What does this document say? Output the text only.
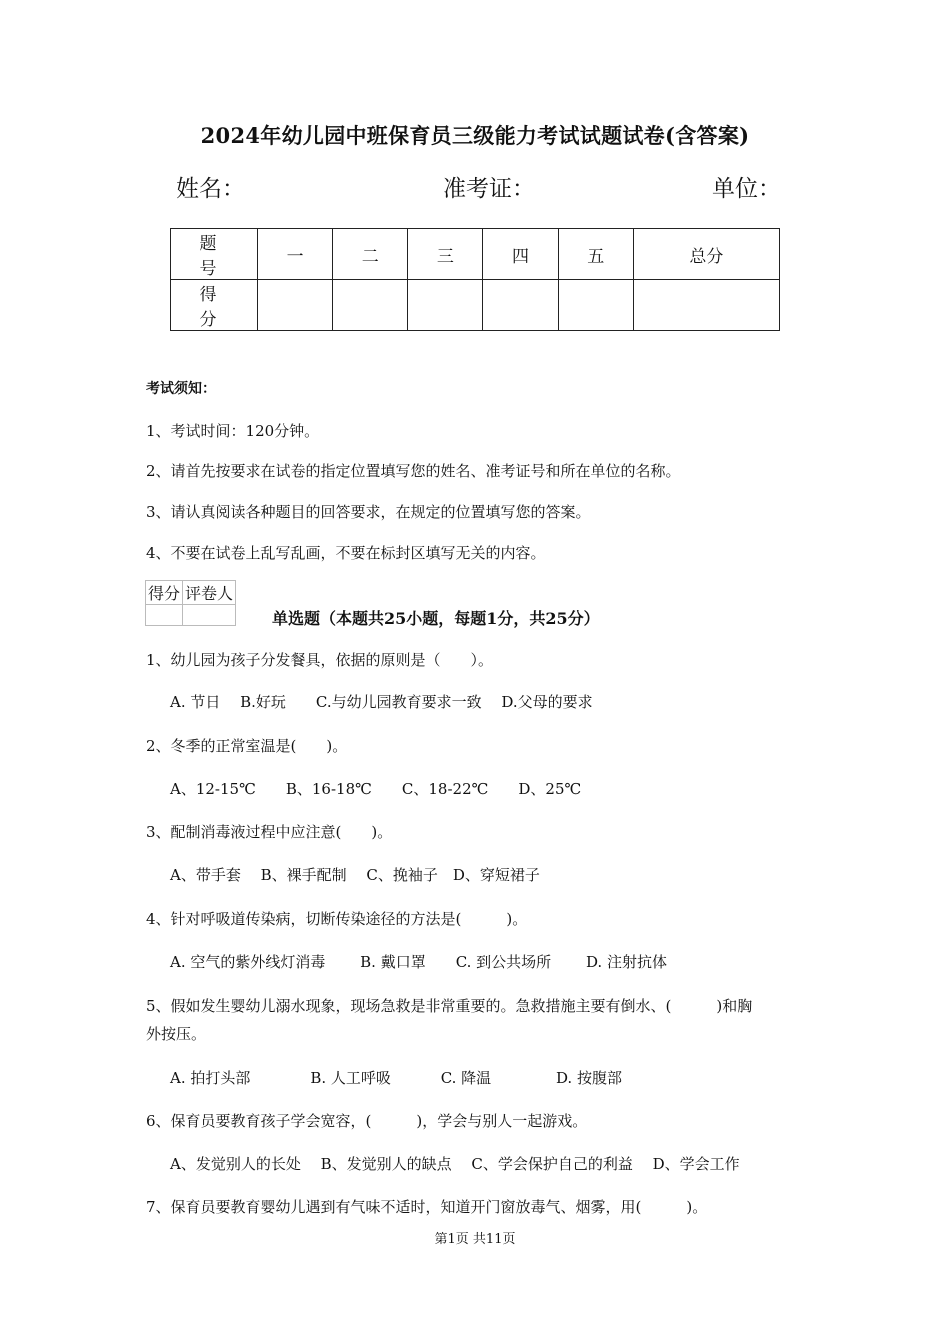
2024年幼儿园中班保育员三级能力考试试题试卷(含答案)
姓名：	准考证：	单位：
题　号	一	二	三	四	五	总分
得　分						
考试须知：
1、考试时间：120分钟。
2、请首先按要求在试卷的指定位置填写您的姓名、准考证号和所在单位的名称。
3、请认真阅读各种题目的回答要求，在规定的位置填写您的答案。
4、不要在试卷上乱写乱画，不要在标封区填写无关的内容。
得分	评卷人

单选题（本题共25小题，每题1分，共25分）
1、幼儿园为孩子分发餐具，依据的原则是（　　）。
A. 节日　 B.好玩　　C.与幼儿园教育要求一致　 D.父母的要求
2、冬季的正常室温是(　　)。
A、12-15℃　　B、16-18℃　　C、18-22℃　　D、25℃
3、配制消毒液过程中应注意(　　)。
A、带手套　 B、裸手配制　 C、挽袖子　D、穿短裙子
4、针对呼吸道传染病，切断传染途径的方法是(　　　)。
A. 空气的紫外线灯消毒　　 B. 戴口罩　　C. 到公共场所　　 D. 注射抗体
5、假如发生婴幼儿溺水现象，现场急救是非常重要的。急救措施主要有倒水、(　　　)和胸
外按压。
A. 拍打头部　　　　B. 人工呼吸　　　 C. 降温　　　　 D. 按腹部
6、保育员要教育孩子学会宽容，(　　　)，学会与别人一起游戏。
A、发觉别人的长处　 B、发觉别人的缺点　 C、学会保护自己的利益　 D、学会工作
7、保育员要教育婴幼儿遇到有气味不适时，知道开门窗放毒气、烟雾，用(　　　)。
第1页 共11页
